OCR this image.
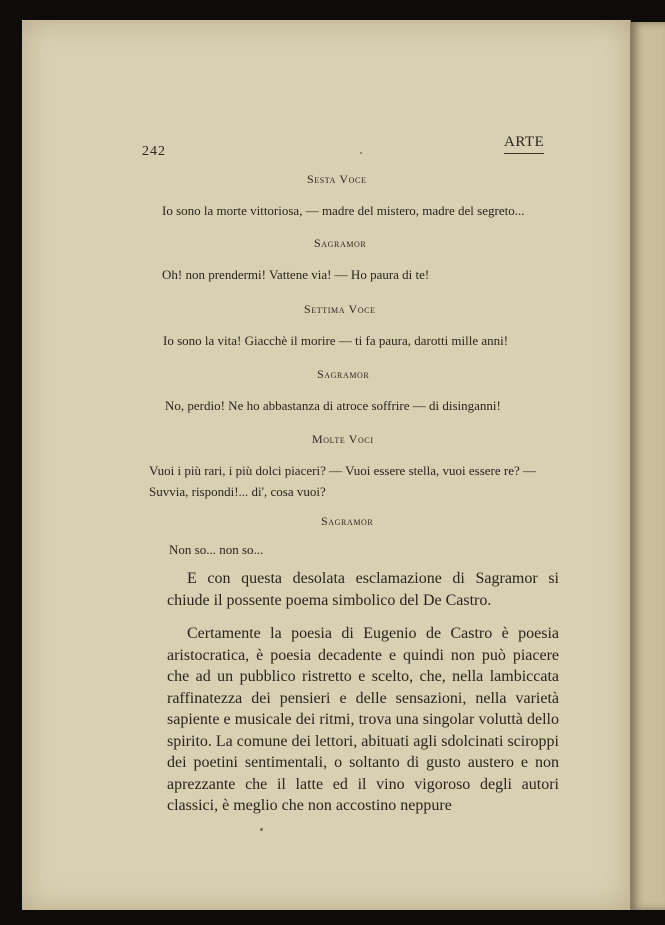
242
ARTE
Sesta Voce
Io sono la morte vittoriosa, — madre del mistero, madre del segreto...
Sagramor
Oh! non prendermi! Vattene via! — Ho paura di te!
Settima Voce
Io sono la vita! Giacchè il morire — ti fa paura, darotti mille anni!
Sagramor
No, perdio! Ne ho abbastanza di atroce soffrire — di disinganni!
Molte Voci
Vuoi i più rari, i più dolci piaceri? — Vuoi essere stella, vuoi essere re? — Suvvia, rispondi!... di', cosa vuoi?
Sagramor
Non so... non so...

E con questa desolata esclamazione di Sagramor si chiude il possente poema simbolico del De Castro.

Certamente la poesia di Eugenio de Castro è poesia aristocratica, è poesia decadente e quindi non può piacere che ad un pubblico ristretto e scelto, che, nella lambiccata raffinatezza dei pensieri e delle sensazioni, nella varietà sapiente e musicale dei ritmi, trova una singolar voluttà dello spirito. La comune dei lettori, abituati agli sdolcinati sciroppi dei poetini sentimentali, o soltanto di gusto austero e non aprezzante che il latte ed il vino vigoroso degli autori classici, è meglio che non accostino neppure
